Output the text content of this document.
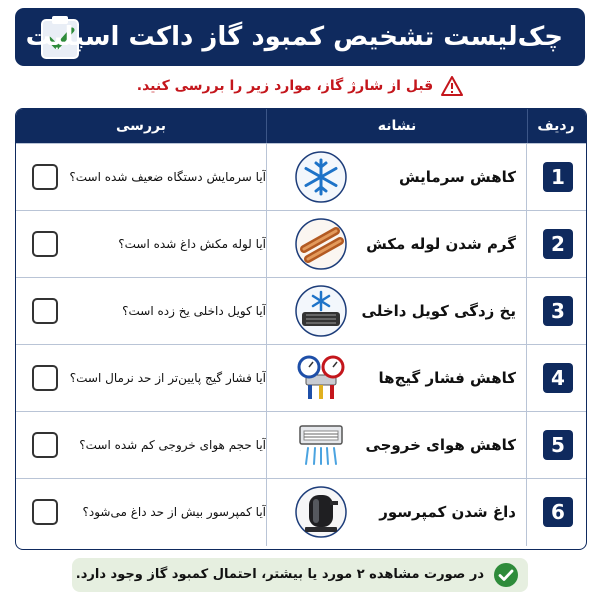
چک‌لیست تشخیص کمبود گاز داکت اسپلیت
قبل از شارژ گاز، موارد زیر را بررسی کنید.
بررسی	نشانه	ردیف
آیا سرمایش دستگاه ضعیف شده است؟	کاهش سرمایش	1
آیا لوله مکش داغ شده است؟	گرم شدن لوله مکش	2
آیا کویل داخلی یخ زده است؟	یخ زدگی کویل داخلی	3
آیا فشار گیج پایین‌تر از حد نرمال است؟	کاهش فشار گیج‌ها	4
آیا حجم هوای خروجی کم شده است؟	کاهش هوای خروجی	5
آیا کمپرسور بیش از حد داغ می‌شود؟	داغ شدن کمپرسور	6
در صورت مشاهده ۲ مورد یا بیشتر، احتمال کمبود گاز وجود دارد.
